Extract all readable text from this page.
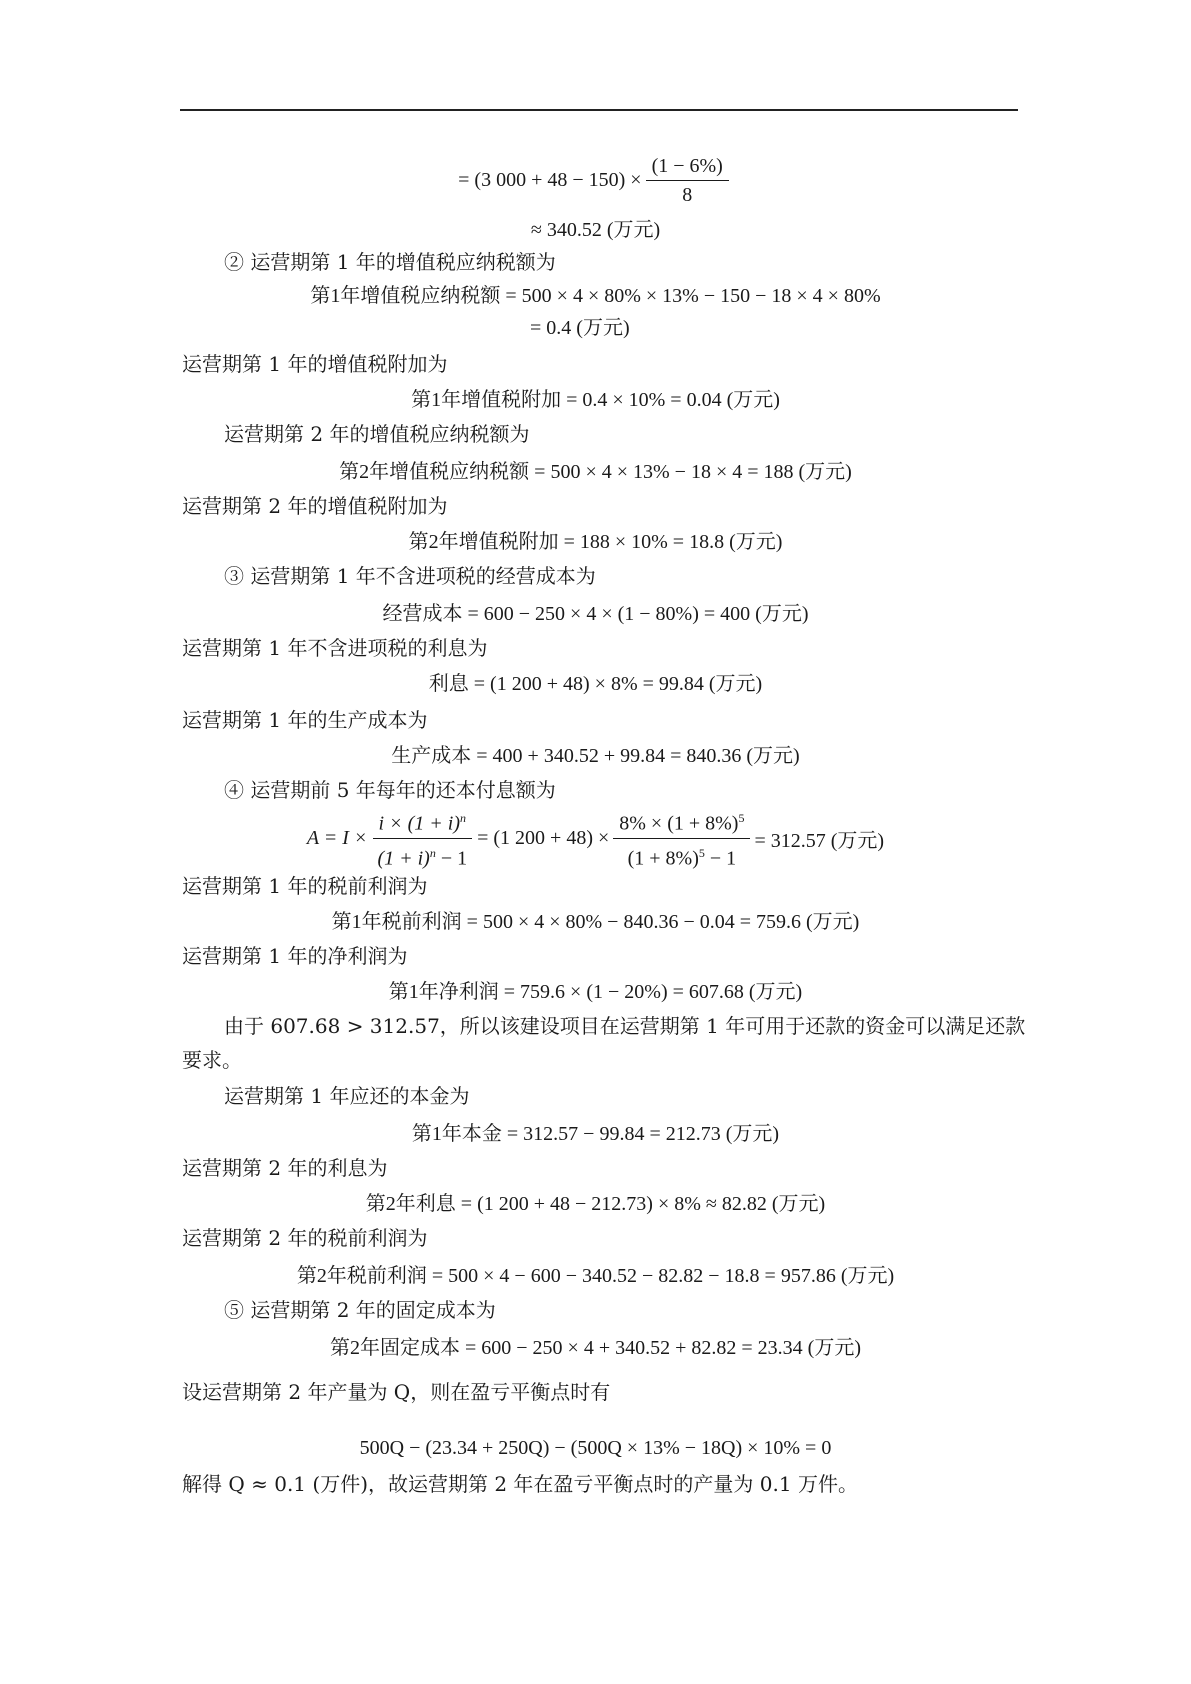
= (3 $000 + 48 - 150) \times \frac{(1 - 6\%)}{8}$
≈ 340.52 (万元)
② 运营期第 1 年的增值税应纳税额为
第1年增值税应纳税额 = 500 × 4 × 80% × 13% − 150 − 18 × 4 × 80%
= 0.4 (万元)
运营期第 1 年的增值税附加为
第1年增值税附加 = 0.4 × 10% = 0.04 (万元)
运营期第 2 年的增值税应纳税额为
第2年增值税应纳税额 = 500 × 4 × 13% − 18 × 4 = 188 (万元)
运营期第 2 年的增值税附加为
第2年增值税附加 = 188 × 10% = 18.8 (万元)
③ 运营期第 1 年不含进项税的经营成本为
经营成本 = 600 − 250 × 4 × (1 − 80%) = 400 (万元)
运营期第 1 年不含进项税的利息为
利息 = (1 200 + 48) × 8% = 99.84 (万元)
运营期第 1 年的生产成本为
生产成本 = 400 + 340.52 + 99.84 = 840.36 (万元)
④ 运营期前 5 年每年的还本付息额为
$A = I \times \frac{i \times (1 + i)^n}{(1 + i)^n - 1} = (1$ $200 + 48) \times \frac{8\% \times (1 + 8\%)^5}{(1 + 8\%)^5 - 1} = 312.57$ (万元)
运营期第 1 年的税前利润为
第1年税前利润 = 500 × 4 × 80% − 840.36 − 0.04 = 759.6 (万元)
运营期第 1 年的净利润为
第1年净利润 = 759.6 × (1 − 20%) = 607.68 (万元)
由于 607.68 > 312.57，所以该建设项目在运营期第 1 年可用于还款的资金可以满足还款
要求。
运营期第 1 年应还的本金为
第1年本金 = 312.57 − 99.84 = 212.73 (万元)
运营期第 2 年的利息为
第2年利息 = (1 200 + 48 − 212.73) × 8% ≈ 82.82 (万元)
运营期第 2 年的税前利润为
第2年税前利润 = 500 × 4 − 600 − 340.52 − 82.82 − 18.8 = 957.86 (万元)
⑤ 运营期第 2 年的固定成本为
第2年固定成本 = 600 − 250 × 4 + 340.52 + 82.82 = 23.34 (万元)
设运营期第 2 年产量为 Q，则在盈亏平衡点时有
500Q − (23.34 + 250Q) − (500Q × 13% − 18Q) × 10% = 0
解得 Q ≈ 0.1 (万件)，故运营期第 2 年在盈亏平衡点时的产量为 0.1 万件。
